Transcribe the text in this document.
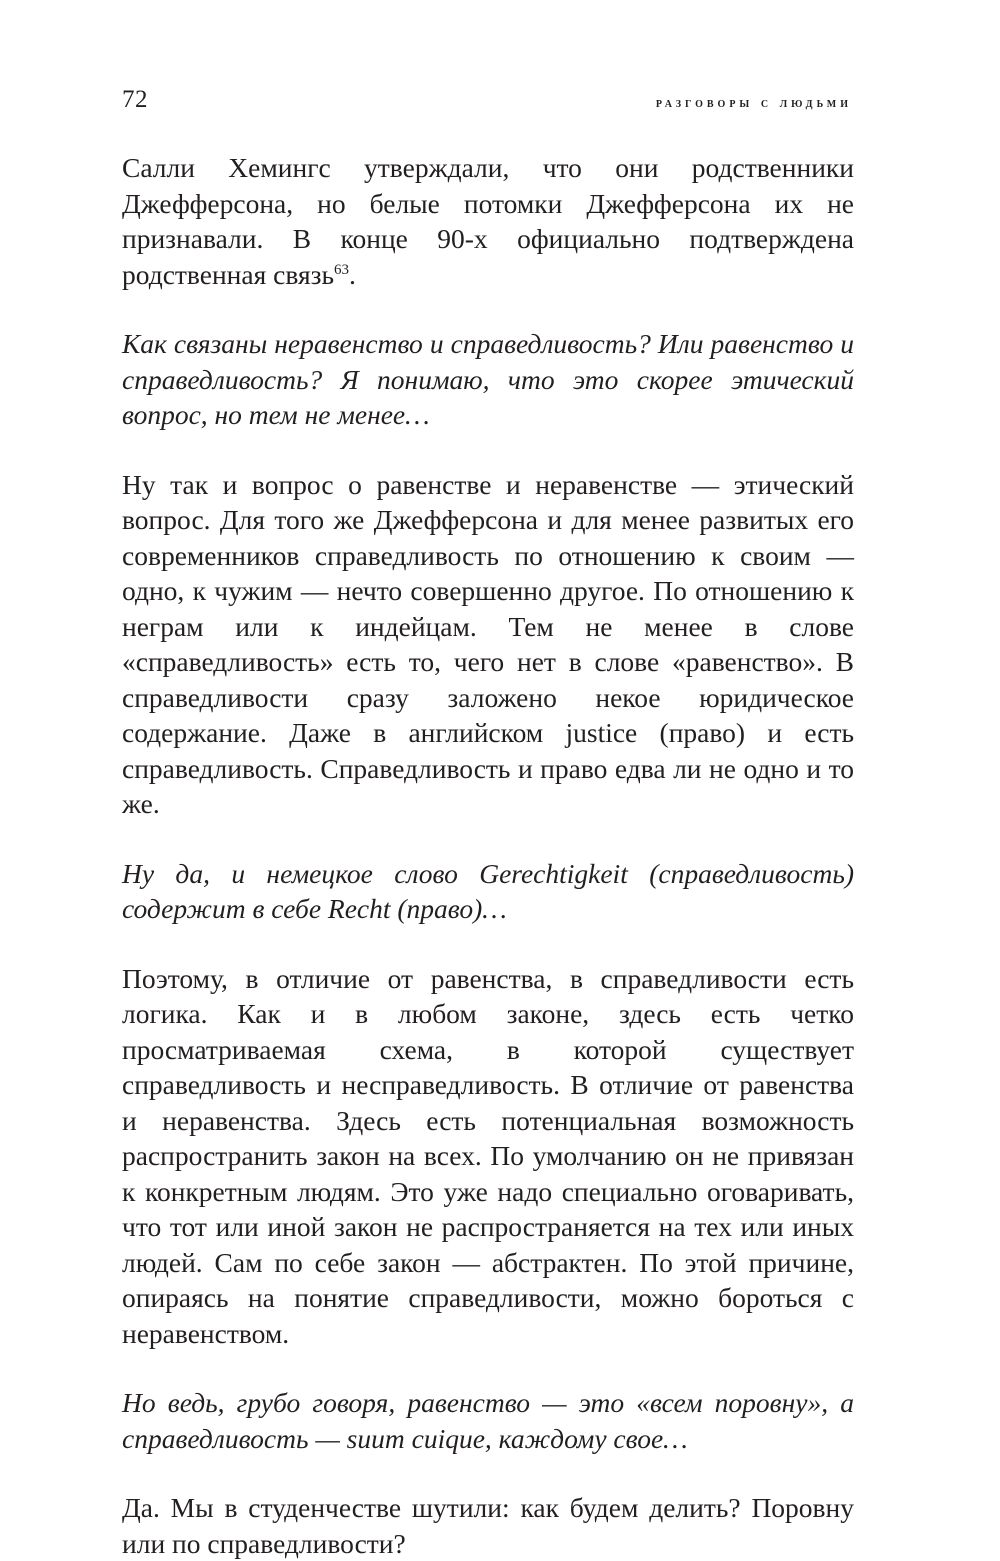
72	разговоры с людьми

Салли Хемингс утверждали, что они родственники Джефферсона, но белые потомки Джефферсона их не признавали. В конце 90-х официально подтверждена родственная связь$^{63}$.

Как связаны неравенство и справедливость? Или равенство и справедливость? Я понимаю, что это скорее этический вопрос, но тем не менее…

Ну так и вопрос о равенстве и неравенстве — этический вопрос. Для того же Джефферсона и для менее развитых его современников справедливость по отношению к своим — одно, к чужим — нечто совершенно другое. По отношению к неграм или к индейцам. Тем не менее в слове «справедливость» есть то, чего нет в слове «равенство». В справедливости сразу заложено некое юридическое содержание. Даже в английском justice (право) и есть справедливость. Справедливость и право едва ли не одно и то же.

Ну да, и немецкое слово Gerechtigkeit (справедливость) содержит в себе Recht (право)…

Поэтому, в отличие от равенства, в справедливости есть логика. Как и в любом законе, здесь есть четко просматриваемая схема, в которой существует справедливость и несправедливость. В отличие от равенства и неравенства. Здесь есть потенциальная возможность распространить закон на всех. По умолчанию он не привязан к конкретным людям. Это уже надо специально оговаривать, что тот или иной закон не распространяется на тех или иных людей. Сам по себе закон — абстрактен. По этой причине, опираясь на понятие справедливости, можно бороться с неравенством.

Но ведь, грубо говоря, равенство — это «всем поровну», а справедливость — suum cuique, каждому свое…

Да. Мы в студенчестве шутили: как будем делить? Поровну или по справедливости?
